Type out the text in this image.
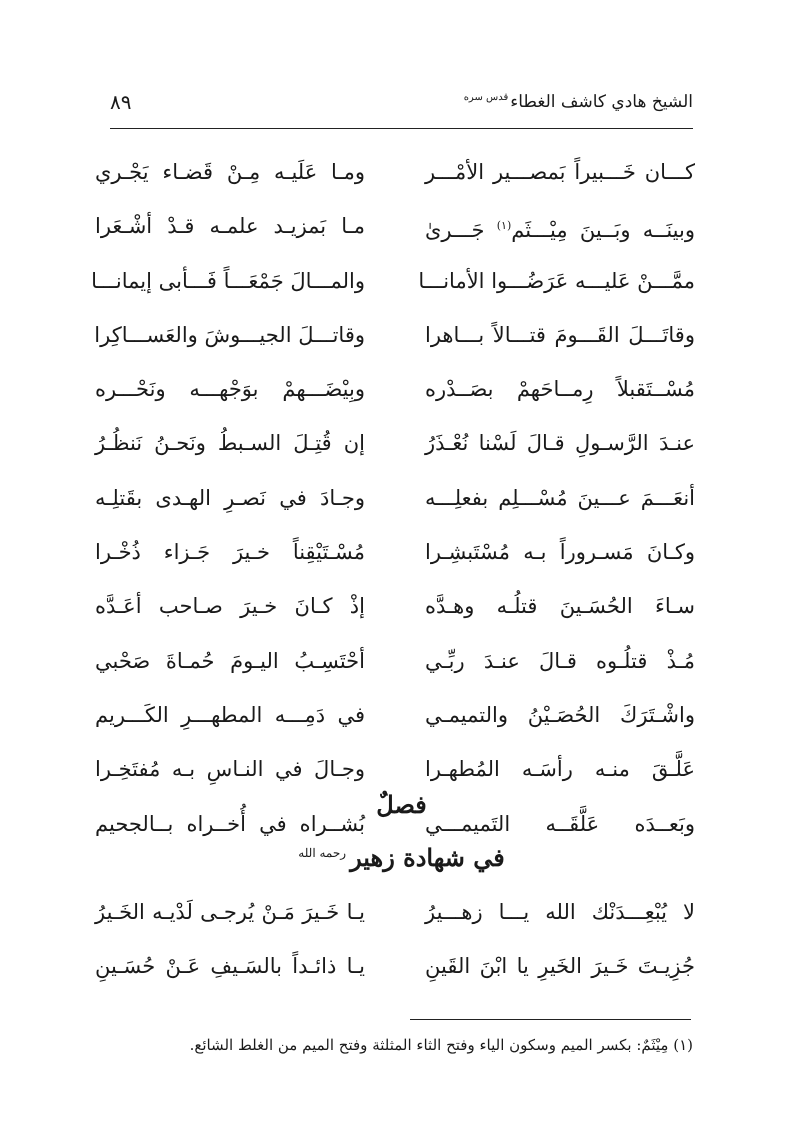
الشيخ هادي كاشف الغطاء$^{قدس سره}$
٨٩
كـــان خَـــبيراً بَمصـــير الأمْـــر
ومـا عَلَيـه مِـنْ قَضـاء يَجْـري
وبينَــه وبَــينَ مِيْـــثَم$^{(١)}$ جَـــرىٰ
مـا بَمزيـد علمـه قـدْ أشْـعَرا
ممَّـــنْ عَليـــه عَرَضُـــوا الأمانـــا
والمـــالَ جَمْعَـــاً فَـــأبى إيمانـــا
وقاتَـــلَ القَـــومَ قتـــالاً بـــاهرا
وقاتـــلَ الجيـــوشَ والعَســـاكِرا
مُسْــتَقبلاً رِمــاحَهمْ بصَــدْره
وبِيْضَـــهمْ بوَجْهـــه ونَحْـــره
عنـدَ الرَّسـولِ قـالَ لَسْنا نُعْـذَرُ
إن قُتِـلَ السـبطُ ونَحـنُ نَنظُـرُ
أنعَـــمَ عـــينَ مُسْـــلِم بفعلِـــه
وجـادَ في نَصـرِ الهـدى بقَتلِـه
وكـانَ مَسـروراً بـه مُسْتَبشِـرا
مُسْـتَيْقِناً خـيرَ جَـزاء ذُخْـرا
سـاءَ الحُسَـينَ قتلُـه وهـدَّه
إذْ كـانَ خـيرَ صـاحب أعَـدَّه
مُـذْ قتلُـوه قـالَ عنـدَ ربِّـي
أحْتَسِـبُ اليـومَ حُمـاةَ صَحْبي
واشْـتَرَكَ الحُصَـيْنُ والتميمـي
في دَمِـــه المطهـــرِ الكَـــريم
عَلَّـقَ منـه رأسَـه المُطهـرا
وجـالَ في النـاسِ بـه مُفتَخِـرا
وبَعــدَه عَلَّقَــه التَميمـــي
بُشــراه في أُخــراه بــالجحيم
فصلٌ
في شهادة زهير$^{رحمه الله}$
لا يُبْعِـــدَنْك الله يـــا زهـــيرُ
يـا خَـيرَ مَـنْ يُرجـى لَدْيـه الخَـيرُ
جُزِيـتَ خَـيرَ الخَيرِ يا ابْنَ القَينِ
يـا ذائـداً بالسَـيفِ عَـنْ حُسَـينِ
(١) مِيْثَمٌ: بكسر الميم وسكون الياء وفتح الثاء المثلثة وفتح الميم من الغلط الشائع.
